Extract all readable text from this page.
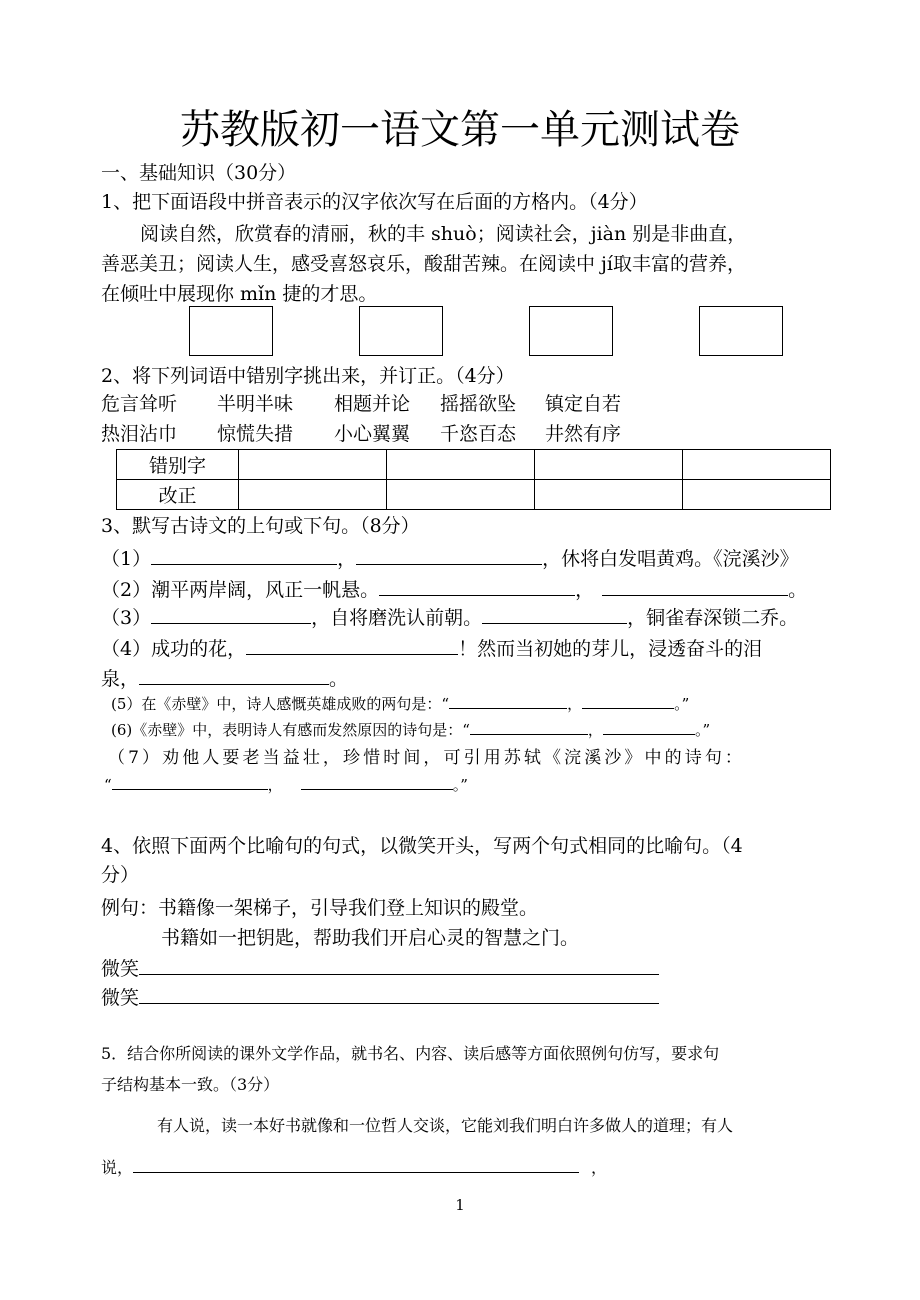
苏教版初一语文第一单元测试卷
一、基础知识（30分）
1、把下面语段中拼音表示的汉字依次写在后面的方格内。（4分）
阅读自然，欣赏春的清丽，秋的丰 shuò；阅读社会，jiàn 别是非曲直，
善恶美丑；阅读人生，感受喜怒哀乐，酸甜苦辣。在阅读中 jí取丰富的营养，
在倾吐中展现你 mǐn 捷的才思。
2、将下列词语中错别字挑出来，并订正。（4分）
危言耸听 半明半味 相题并论 摇摇欲坠 镇定自若
热泪沾巾 惊慌失措 小心翼翼 千恣百态 井然有序
错别字				
改正				
3、默写古诗文的上句或下句。（8分）
（1）	，	，休将白发唱黄鸡。《浣溪沙》
（2）潮平两岸阔，风正一帆悬。	，	。
（3）	，自将磨洗认前朝。	，铜雀春深锁二乔。
（4）成功的花，	！然而当初她的芽儿，浸透奋斗的泪
泉，	。
(5）在《赤壁》中，诗人感慨英雄成败的两句是：“	，	。”
(6)《赤壁》中，表明诗人有感而发然原因的诗句是：“	，	。”
（7）劝他人要老当益壮，珍惜时间，可引用苏轼《浣溪沙》中的诗句：
“	，	。”
4、依照下面两个比喻句的句式，以微笑开头，写两个句式相同的比喻句。（4
分）
例句：书籍像一架梯子，引导我们登上知识的殿堂。
书籍如一把钥匙，帮助我们开启心灵的智慧之门。
微笑
微笑
5．结合你所阅读的课外文学作品，就书名、内容、读后感等方面依照例句仿写，要求句
子结构基本一致。（3分）
有人说，读一本好书就像和一位哲人交谈，它能刘我们明白许多做人的道理；有人
说，	，
1
